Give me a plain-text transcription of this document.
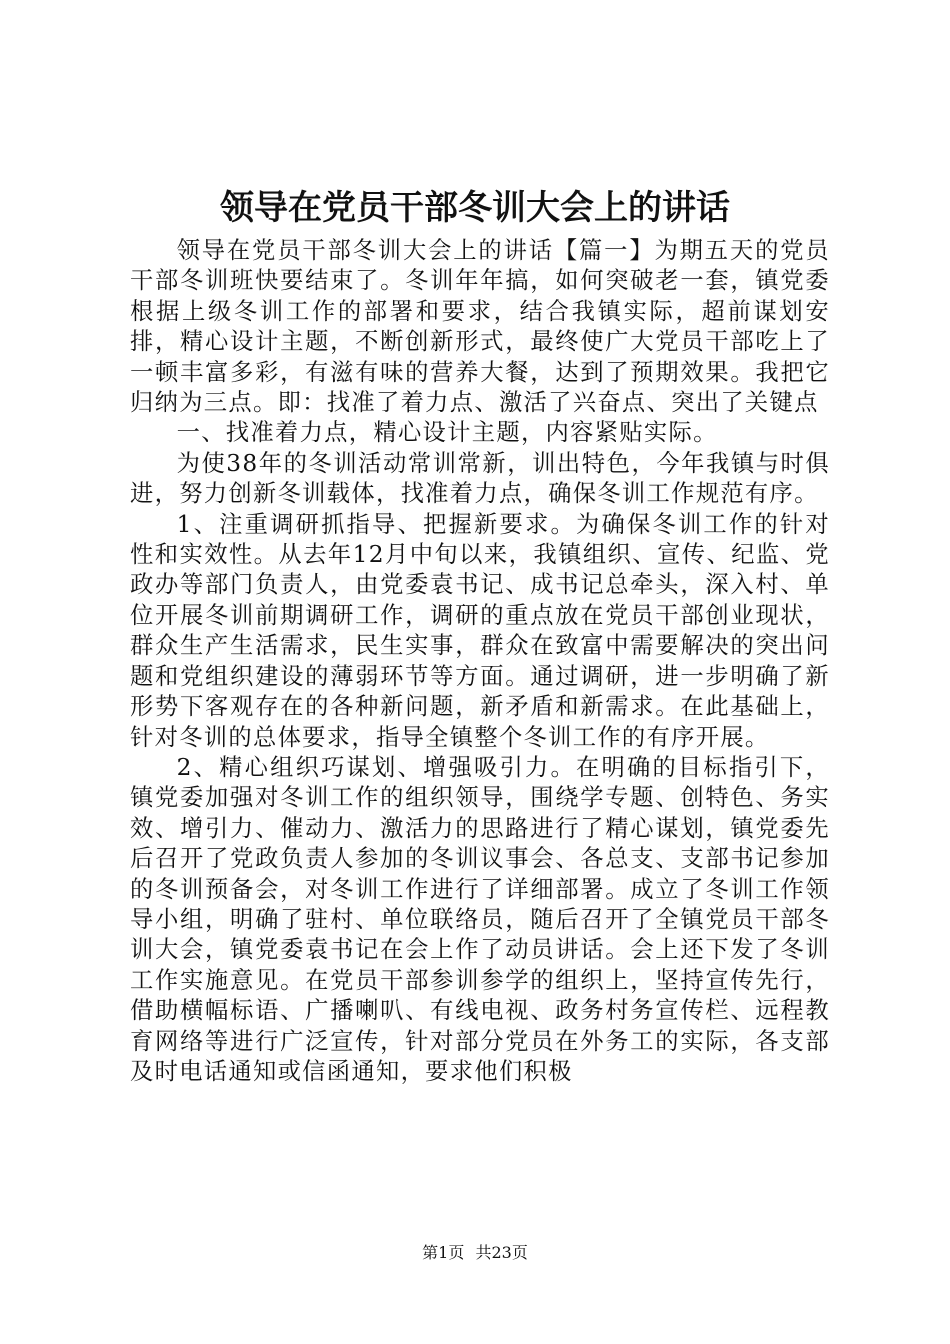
领导在党员干部冬训大会上的讲话

领导在党员干部冬训大会上的讲话【篇一】为期五天的党员干部冬训班快要结束了。冬训年年搞，如何突破老一套，镇党委根据上级冬训工作的部署和要求，结合我镇实际，超前谋划安排，精心设计主题，不断创新形式，最终使广大党员干部吃上了一顿丰富多彩，有滋有味的营养大餐，达到了预期效果。我把它归纳为三点。即：找准了着力点、激活了兴奋点、突出了关键点

一、找准着力点，精心设计主题，内容紧贴实际。

为使38年的冬训活动常训常新，训出特色，今年我镇与时俱进，努力创新冬训载体，找准着力点，确保冬训工作规范有序。

1、注重调研抓指导、把握新要求。为确保冬训工作的针对性和实效性。从去年12月中旬以来，我镇组织、宣传、纪监、党政办等部门负责人，由党委袁书记、成书记总牵头，深入村、单位开展冬训前期调研工作，调研的重点放在党员干部创业现状，群众生产生活需求，民生实事，群众在致富中需要解决的突出问题和党组织建设的薄弱环节等方面。通过调研，进一步明确了新形势下客观存在的各种新问题，新矛盾和新需求。在此基础上，针对冬训的总体要求，指导全镇整个冬训工作的有序开展。

2、精心组织巧谋划、增强吸引力。在明确的目标指引下，镇党委加强对冬训工作的组织领导，围绕学专题、创特色、务实效、增引力、催动力、激活力的思路进行了精心谋划，镇党委先后召开了党政负责人参加的冬训议事会、各总支、支部书记参加的冬训预备会，对冬训工作进行了详细部署。成立了冬训工作领导小组，明确了驻村、单位联络员，随后召开了全镇党员干部冬训大会，镇党委袁书记在会上作了动员讲话。会上还下发了冬训工作实施意见。在党员干部参训参学的组织上，坚持宣传先行，借助横幅标语、广播喇叭、有线电视、政务村务宣传栏、远程教育网络等进行广泛宣传，针对部分党员在外务工的实际，各支部及时电话通知或信函通知，要求他们积极

第1页 共23页
